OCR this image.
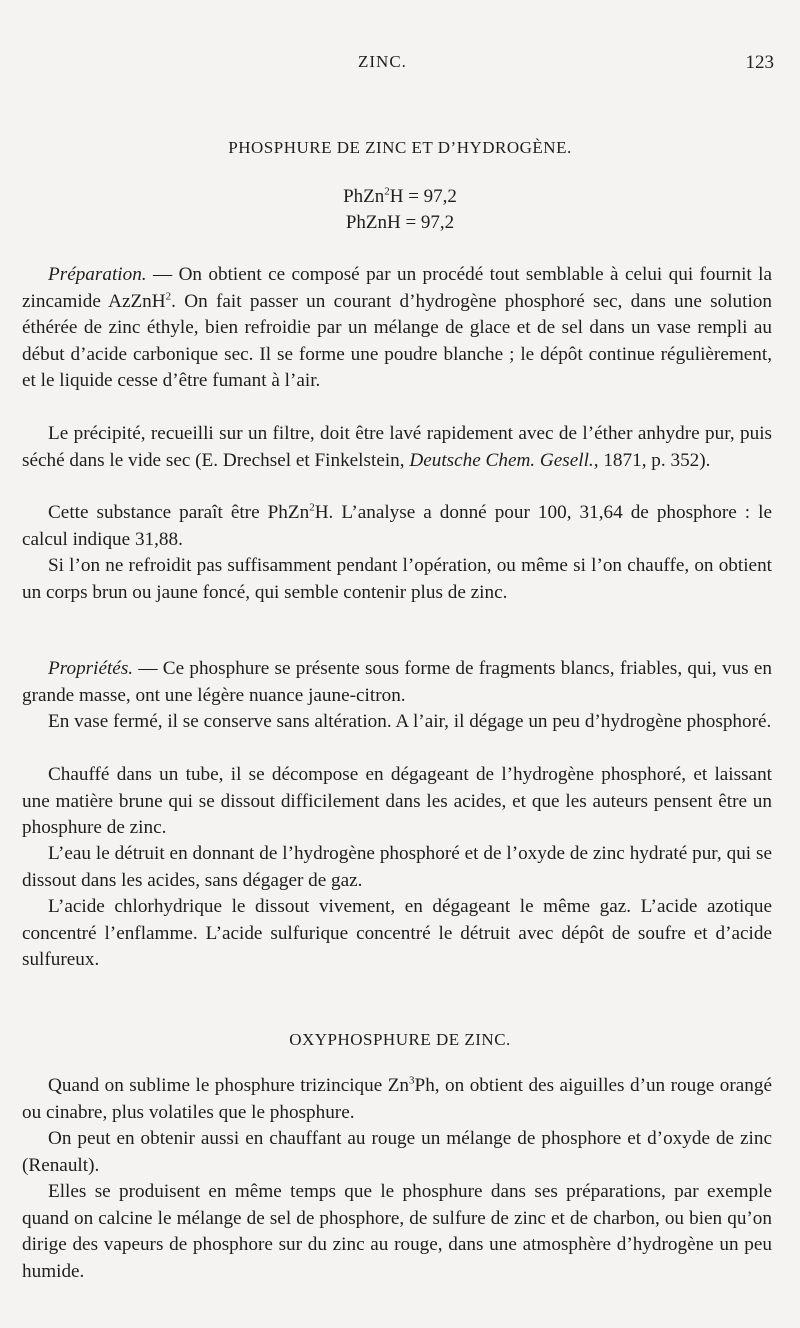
ZINC.	123
PHOSPHURE DE ZINC ET D’HYDROGÈNE.
PhZn$^2$H = 97,2
PhZnH = 97,2

Préparation. — On obtient ce composé par un procédé tout semblable à celui qui fournit la zincamide AzZnH$^2$. On fait passer un courant d’hydrogène phosphoré sec, dans une solution éthérée de zinc éthyle, bien refroidie par un mélange de glace et de sel dans un vase rempli au début d’acide carbonique sec. Il se forme une poudre blanche ; le dépôt continue régulièrement, et le liquide cesse d’être fumant à l’air.

Le précipité, recueilli sur un filtre, doit être lavé rapidement avec de l’éther anhydre pur, puis séché dans le vide sec (E. Drechsel et Finkelstein, Deutsche Chem. Gesell., 1871, p. 352).

Cette substance paraît être PhZn$^2$H. L’analyse a donné pour 100, 31,64 de phosphore : le calcul indique 31,88.

Si l’on ne refroidit pas suffisamment pendant l’opération, ou même si l’on chauffe, on obtient un corps brun ou jaune foncé, qui semble contenir plus de zinc.

Propriétés. — Ce phosphure se présente sous forme de fragments blancs, friables, qui, vus en grande masse, ont une légère nuance jaune-citron.

En vase fermé, il se conserve sans altération. A l’air, il dégage un peu d’hydrogène phosphoré.

Chauffé dans un tube, il se décompose en dégageant de l’hydrogène phosphoré, et laissant une matière brune qui se dissout difficilement dans les acides, et que les auteurs pensent être un phosphure de zinc.

L’eau le détruit en donnant de l’hydrogène phosphoré et de l’oxyde de zinc hydraté pur, qui se dissout dans les acides, sans dégager de gaz.

L’acide chlorhydrique le dissout vivement, en dégageant le même gaz. L’acide azotique concentré l’enflamme. L’acide sulfurique concentré le détruit avec dépôt de soufre et d’acide sulfureux.

OXYPHOSPHURE DE ZINC.

Quand on sublime le phosphure trizincique Zn$^3$Ph, on obtient des aiguilles d’un rouge orangé ou cinabre, plus volatiles que le phosphure.

On peut en obtenir aussi en chauffant au rouge un mélange de phosphore et d’oxyde de zinc (Renault).

Elles se produisent en même temps que le phosphure dans ses préparations, par exemple quand on calcine le mélange de sel de phosphore, de sulfure de zinc et de charbon, ou bien qu’on dirige des vapeurs de phosphore sur du zinc au rouge, dans une atmosphère d’hydrogène un peu humide.
